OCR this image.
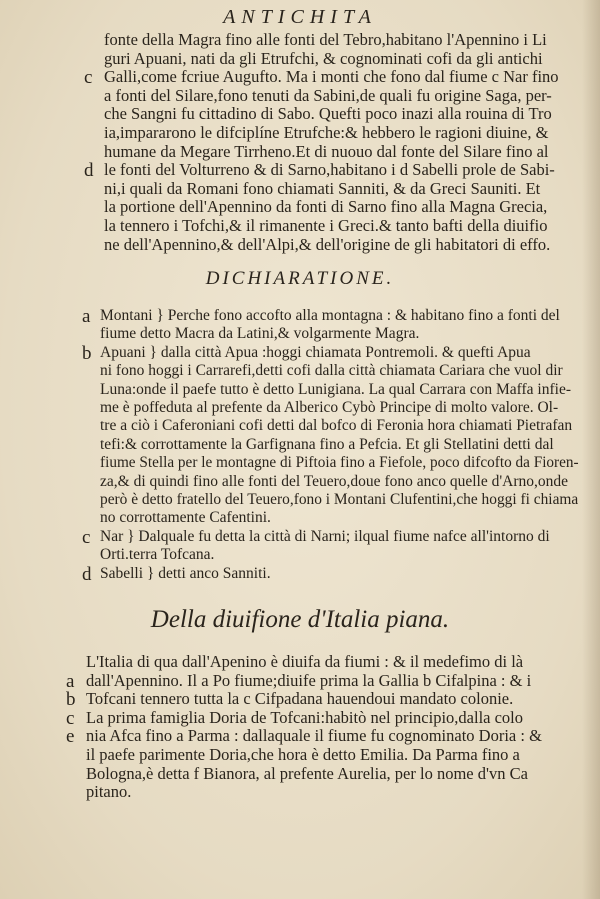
ANTICHITA
fonte della Magra fino alle fonti del Tebro,habitano l'Apennino i Li
guri Apuani, nati da gli Etrufchi, & cognominati cofi da gli antichi
c Galli,come fcriue Augufto. Ma i monti che fono dal fiume c Nar fino
a fonti del Silare,fono tenuti da Sabini,de quali fu origine Saga, per-
che Sangni fu cittadino di Sabo. Quefti poco inazi alla rouina di Tro
ia,impararono le difciplíne Etrufche:& hebbero le ragioni diuine, &
humane da Megare Tirrheno.Et di nuouo dal fonte del Silare fino al
d le fonti del Volturreno & di Sarno,habitano i d Sabelli prole de Sabi-
ni,i quali da Romani fono chiamati Sanniti, & da Greci Sauniti. Et
la portione dell'Apennino da fonti di Sarno fino alla Magna Grecia,
la tennero i Tofchi,& il rimanente i Greci.& tanto bafti della diuifio
ne dell'Apennino,& dell'Alpi,& dell'origine de gli habitatori di effo.
DICHIARATIONE.
a Montani } Perche fono accofto alla montagna : & habitano fino a fonti del
fiume detto Macra da Latini,& volgarmente Magra.
b Apuani } dalla città Apua :hoggi chiamata Pontremoli. & quefti Apua
ni fono hoggi i Carrarefi,detti cofi dalla città chiamata Cariara che vuol dir
Luna:onde il paefe tutto è detto Lunigiana. La qual Carrara con Maffa infie-
me è poffeduta al prefente da Alberico Cybò Principe di molto valore. Ol-
tre a ciò i Caferoniani cofi detti dal bofco di Feronia hora chiamati Pietrafan
tefi:& corrottamente la Garfignana fino a Pefcia. Et gli Stellatini detti dal
fiume Stella per le montagne di Piftoia fino a Fiefole, poco difcofto da Fioren-
za,& di quindi fino alle fonti del Teuero,doue fono anco quelle d'Arno,onde
però è detto fratello del Teuero,fono i Montani Clufentini,che hoggi fi chiama
no corrottamente Cafentini.
c Nar } Dalquale fu detta la città di Narni; ilqual fiume nafce all'intorno di
Orti.terra Tofcana.
d Sabelli } detti anco Sanniti.
Della diuifione d'Italia piana.
L'Italia di qua dall'Apenino è diuifa da fiumi : & il medefimo di là
a dall'Apennino. Il a Po fiume;diuife prima la Gallia b Cifalpina : & i
b Tofcani tennero tutta la c Cifpadana hauendoui mandato colonie.
c La prima famiglia Doria de Tofcani:habitò nel principio,dalla colo
e nia Afca fino a Parma : dallaquale il fiume fu cognominato Doria : &
il paefe parimente Doria,che hora è detto Emilia. Da Parma fino a
Bologna,è detta f Bianora, al prefente Aurelia, per lo nome d'vn Ca
pitano.
